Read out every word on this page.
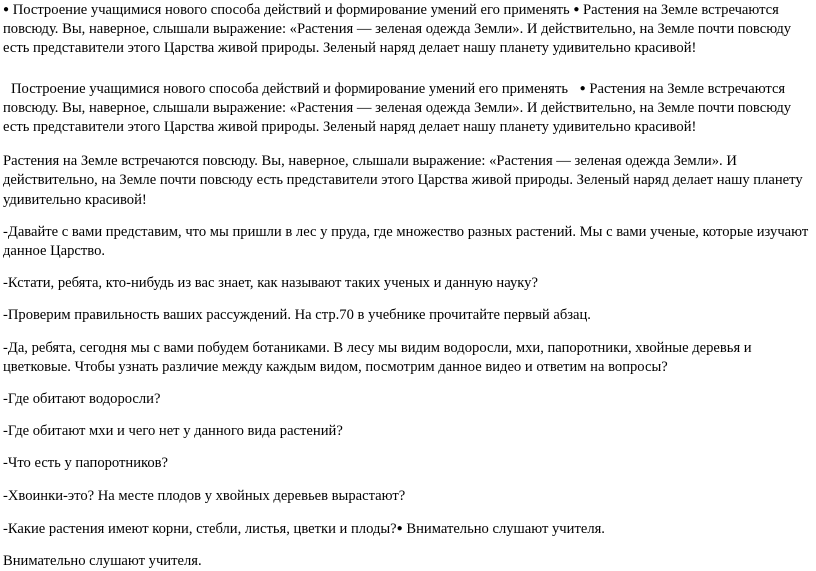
● Построение учащимися нового способа действий и формирование умений его применять ● Растения на Земле встречаются повсюду. Вы, наверное, слышали выражение: «Растения — зеленая одежда Земли». И действительно, на Земле почти повсюду есть представители этого Царства живой природы. Зеленый наряд делает нашу планету удивительно красивой!

Построение учащимися нового способа действий и формирование умений его применять ● Растения на Земле встречаются повсюду. Вы, наверное, слышали выражение: «Растения — зеленая одежда Земли». И действительно, на Земле почти повсюду есть представители этого Царства живой природы. Зеленый наряд делает нашу планету удивительно красивой!

Растения на Земле встречаются повсюду. Вы, наверное, слышали выражение: «Растения — зеленая одежда Земли». И действительно, на Земле почти повсюду есть представители этого Царства живой природы. Зеленый наряд делает нашу планету удивительно красивой!

-Давайте с вами представим, что мы пришли в лес у пруда, где множество разных растений. Мы с вами ученые, которые изучают данное Царство.

-Кстати, ребята, кто-нибудь из вас знает, как называют таких ученых и данную науку?

-Проверим правильность ваших рассуждений. На стр.70 в учебнике прочитайте первый абзац.

-Да, ребята, сегодня мы с вами побудем ботаниками. В лесу мы видим водоросли, мхи, папоротники, хвойные деревья и цветковые. Чтобы узнать различие между каждым видом, посмотрим данное видео и ответим на вопросы?

-Где обитают водоросли?

-Где обитают мхи и чего нет у данного вида растений?

-Что есть у папоротников?

-Хвоинки-это? На месте плодов у хвойных деревьев вырастают?

-Какие растения имеют корни, стебли, листья, цветки и плоды?● Внимательно слушают учителя.

Внимательно слушают учителя.
